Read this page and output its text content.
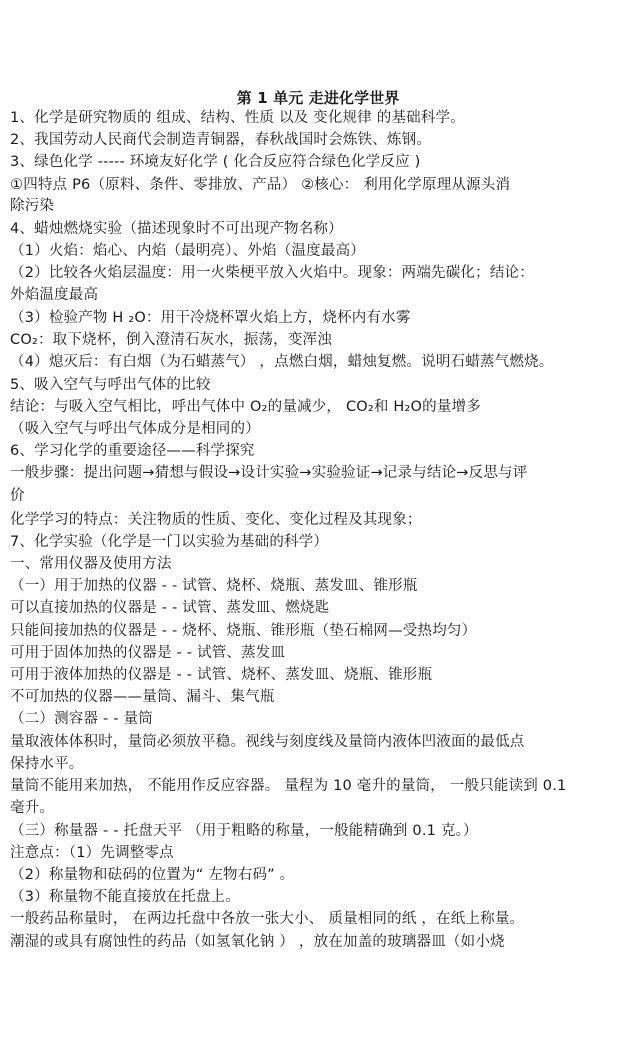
第 1 单元 走进化学世界
1、化学是研究物质的 组成、结构、性质 以及 变化规律 的基础科学。
2、我国劳动人民商代会制造青铜器，春秋战国时会炼铁、炼钢。
3、绿色化学 ----- 环境友好化学 ( 化合反应符合绿色化学反应 )
①四特点 P6（原料、条件、零排放、产品） ②核心： 利用化学原理从源头消
除污染
4、蜡烛燃烧实验（描述现象时不可出现产物名称）
（1）火焰：焰心、内焰（最明亮）、外焰（温度最高）
（2）比较各火焰层温度：用一火柴梗平放入火焰中。现象：两端先碳化；结论：
外焰温度最高
（3）检验产物 H ₂O：用干冷烧杯罩火焰上方，烧杯内有水雾
CO₂：取下烧杯，倒入澄清石灰水，振荡，变浑浊
（4）熄灭后：有白烟（为石蜡蒸气） ，点燃白烟，蜡烛复燃。说明石蜡蒸气燃烧。
5、吸入空气与呼出气体的比较
结论：与吸入空气相比，呼出气体中 O₂的量减少， CO₂和 H₂O的量增多
（吸入空气与呼出气体成分是相同的）
6、学习化学的重要途径——科学探究
一般步骤：提出问题→猜想与假设→设计实验→实验验证→记录与结论→反思与评
价
化学学习的特点：关注物质的性质、变化、变化过程及其现象；
7、化学实验（化学是一门以实验为基础的科学）
一、常用仪器及使用方法
（一）用于加热的仪器 - - 试管、烧杯、烧瓶、蒸发皿、锥形瓶
可以直接加热的仪器是 - - 试管、蒸发皿、燃烧匙
只能间接加热的仪器是 - - 烧杯、烧瓶、锥形瓶（垫石棉网—受热均匀）
可用于固体加热的仪器是 - - 试管、蒸发皿
可用于液体加热的仪器是 - - 试管、烧杯、蒸发皿、烧瓶、锥形瓶
不可加热的仪器——量筒、漏斗、集气瓶
（二）测容器 - - 量筒
量取液体体积时，量筒必须放平稳。视线与刻度线及量筒内液体凹液面的最低点
保持水平。
量筒不能用来加热， 不能用作反应容器。 量程为 10 毫升的量筒， 一般只能读到 0.1
毫升。
（三）称量器 - - 托盘天平 （用于粗略的称量，一般能精确到 0.1 克。）
注意点：（1）先调整零点
（2）称量物和砝码的位置为“ 左物右码” 。
（3）称量物不能直接放在托盘上。
一般药品称量时， 在两边托盘中各放一张大小、 质量相同的纸 ，在纸上称量。
潮湿的或具有腐蚀性的药品（如氢氧化钠 ） ，放在加盖的玻璃器皿（如小烧
